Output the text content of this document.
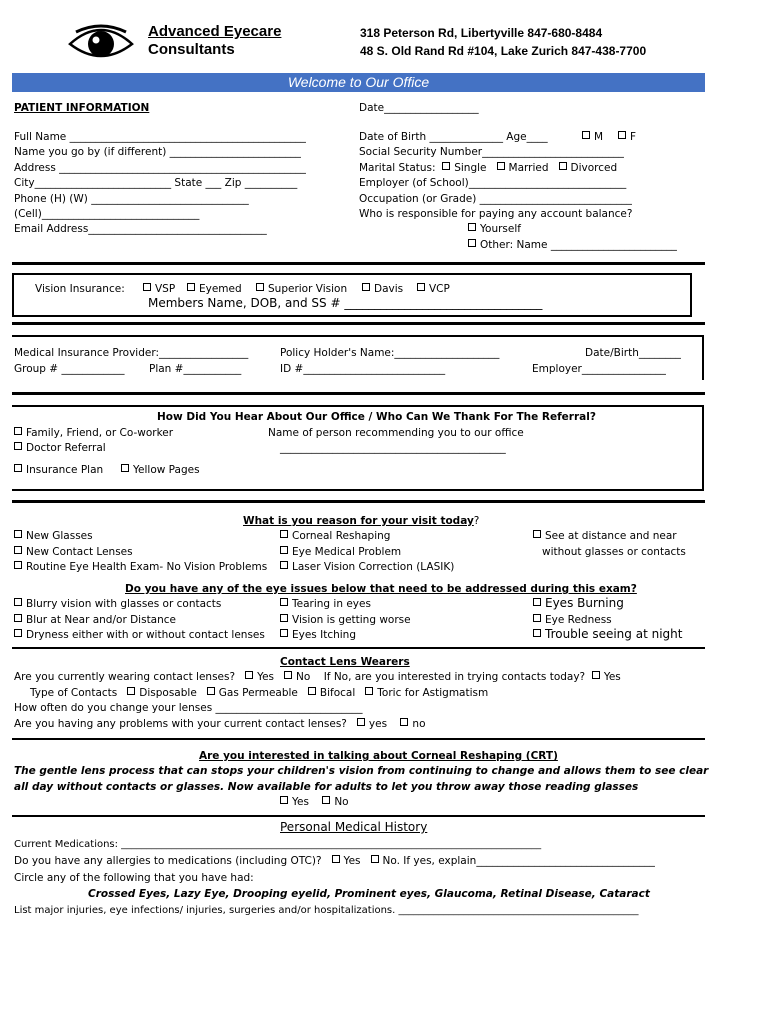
Advanced Eyecare
Consultants
318 Peterson Rd, Libertyville 847-680-8484
48 S. Old Rand Rd #104, Lake Zurich 847-438-7700
Welcome to Our Office
PATIENT INFORMATION	Date__________________
Full Name _____________________________________________
Name you go by (if different) _________________________
Address _______________________________________________
City__________________________ State ___ Zip __________
Phone (H) (W) ______________________________
(Cell)______________________________
Email Address__________________________________
Date of Birth ______________ Age____	M	F
Social Security Number___________________________
Marital Status: Single Married Divorced
Employer (of School)______________________________
Occupation (or Grade) _____________________________
Who is responsible for paying any account balance?
Yourself
Other: Name ________________________
Vision Insurance:	VSP	Eyemed	Superior Vision	Davis	VCP
Members Name, DOB, and SS # _________________________________
Medical Insurance Provider:_________________
Group # ____________ Plan #___________
Policy Holder's Name:____________________
ID #___________________________
Date/Birth________
Employer________________
How Did You Hear About Our Office / Who Can We Thank For The Referral?
Family, Friend, or Co-worker
Doctor Referral
Insurance Plan	Yellow Pages
Name of person recommending you to our office
___________________________________________
What is you reason for your visit today?
New Glasses
New Contact Lenses
Routine Eye Health Exam- No Vision Problems
Corneal Reshaping
Eye Medical Problem
Laser Vision Correction (LASIK)
See at distance and near
without glasses or contacts
Do you have any of the eye issues below that need to be addressed during this exam?
Blurry vision with glasses or contacts
Blur at Near and/or Distance
Dryness either with or without contact lenses
Tearing in eyes
Vision is getting worse
Eyes Itching
Eyes Burning
Eye Redness
Trouble seeing at night
Contact Lens Wearers
Are you currently wearing contact lenses? Yes No If No, are you interested in trying contacts today? Yes
Type of Contacts Disposable Gas Permeable Bifocal Toric for Astigmatism
How often do you change your lenses ____________________________
Are you having any problems with your current contact lenses? yes no
Are you interested in talking about Corneal Reshaping (CRT)
The gentle lens process that can stops your children's vision from continuing to change and allows them to see clear
all day without contacts or glasses. Now available for adults to let you throw away those reading glasses
Yes No
Personal Medical History
Current Medications: ____________________________________________________________________________________
Do you have any allergies to medications (including OTC)? Yes No. If yes, explain__________________________________
Circle any of the following that you have had:
Crossed Eyes, Lazy Eye, Drooping eyelid, Prominent eyes, Glaucoma, Retinal Disease, Cataract
List major injuries, eye infections/ injuries, surgeries and/or hospitalizations. ________________________________________________
